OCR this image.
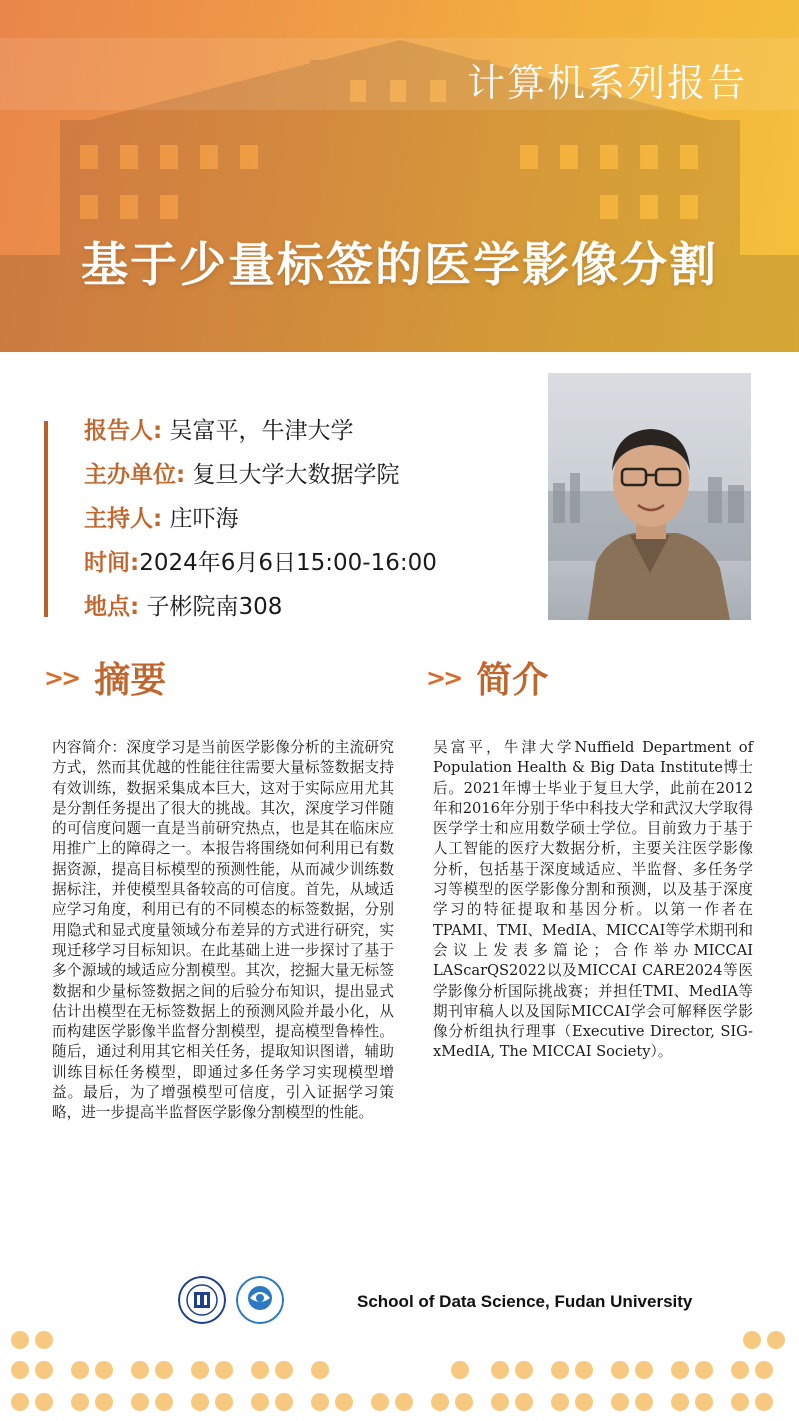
计算机系列报告
基于少量标签的医学影像分割
报告人: 吴富平，牛津大学
主办单位: 复旦大学大数据学院
主持人: 庄吓海
时间:2024年6月6日15:00-16:00
地点: 子彬院南308
>> 摘要	>> 简介
内容简介：深度学习是当前医学影像分析的主流研究方式，然而其优越的性能往往需要大量标签数据支持有效训练，数据采集成本巨大，这对于实际应用尤其是分割任务提出了很大的挑战。其次，深度学习伴随的可信度问题一直是当前研究热点，也是其在临床应用推广上的障碍之一。本报告将围绕如何利用已有数据资源，提高目标模型的预测性能，从而减少训练数据标注，并使模型具备较高的可信度。首先，从域适应学习角度，利用已有的不同模态的标签数据，分别用隐式和显式度量领域分布差异的方式进行研究，实现迁移学习目标知识。在此基础上进一步探讨了基于多个源域的域适应分割模型。其次，挖掘大量无标签数据和少量标签数据之间的后验分布知识，提出显式估计出模型在无标签数据上的预测风险并最小化，从而构建医学影像半监督分割模型，提高模型鲁棒性。随后，通过利用其它相关任务，提取知识图谱，辅助训练目标任务模型，即通过多任务学习实现模型增益。最后，为了增强模型可信度，引入证据学习策略，进一步提高半监督医学影像分割模型的性能。
吴富平，牛津大学Nuffield Department of Population Health & Big Data Institute博士后。2021年博士毕业于复旦大学，此前在2012年和2016年分别于华中科技大学和武汉大学取得医学学士和应用数学硕士学位。目前致力于基于人工智能的医疗大数据分析，主要关注医学影像分析，包括基于深度域适应、半监督、多任务学习等模型的医学影像分割和预测，以及基于深度学习的特征提取和基因分析。以第一作者在TPAMI、TMI、MedIA、MICCAI等学术期刊和会议上发表多篇论；合作举办MICCAI LAScarQS2022以及MICCAI CARE2024等医学影像分析国际挑战赛；并担任TMI、MedIA等期刊审稿人以及国际MICCAI学会可解释医学影像分析组执行理事（Executive Director, SIG-xMedIA, The MICCAI Society）。
School of Data Science, Fudan University
